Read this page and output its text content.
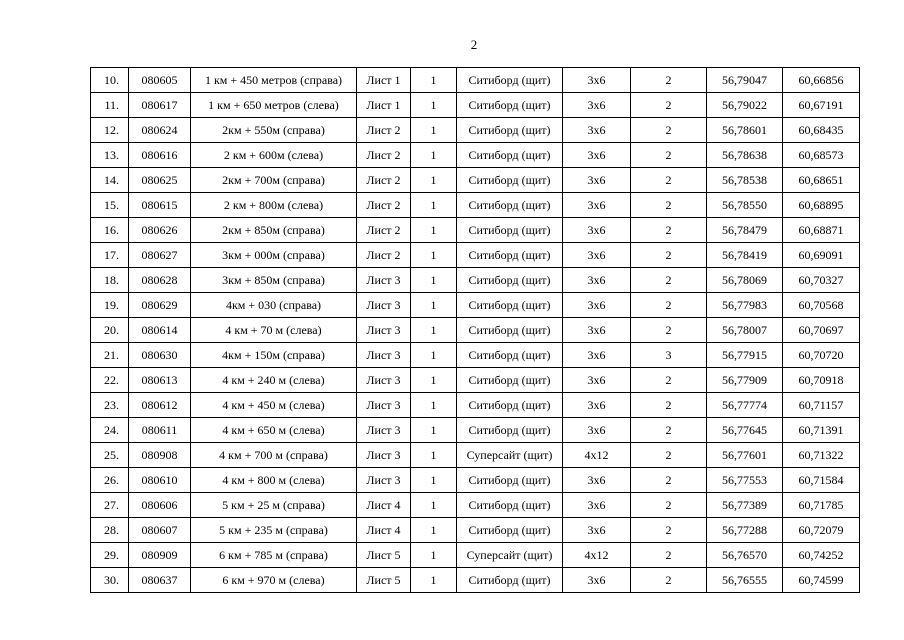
2
10.	080605	1 км + 450 метров (справа)	Лист 1	1	Ситиборд (щит)	3х6	2	56,79047	60,66856
11.	080617	1 км + 650 метров (слева)	Лист 1	1	Ситиборд (щит)	3х6	2	56,79022	60,67191
12.	080624	2км + 550м (справа)	Лист 2	1	Ситиборд (щит)	3х6	2	56,78601	60,68435
13.	080616	2 км + 600м (слева)	Лист 2	1	Ситиборд (щит)	3х6	2	56,78638	60,68573
14.	080625	2км + 700м (справа)	Лист 2	1	Ситиборд (щит)	3х6	2	56,78538	60,68651
15.	080615	2 км + 800м (слева)	Лист 2	1	Ситиборд (щит)	3х6	2	56,78550	60,68895
16.	080626	2км + 850м (справа)	Лист 2	1	Ситиборд (щит)	3х6	2	56,78479	60,68871
17.	080627	3км + 000м (справа)	Лист 2	1	Ситиборд (щит)	3х6	2	56,78419	60,69091
18.	080628	3км + 850м (справа)	Лист 3	1	Ситиборд (щит)	3х6	2	56,78069	60,70327
19.	080629	4км + 030 (справа)	Лист 3	1	Ситиборд (щит)	3х6	2	56,77983	60,70568
20.	080614	4 км + 70 м (слева)	Лист 3	1	Ситиборд (щит)	3х6	2	56,78007	60,70697
21.	080630	4км + 150м (справа)	Лист 3	1	Ситиборд (щит)	3х6	3	56,77915	60,70720
22.	080613	4 км + 240 м (слева)	Лист 3	1	Ситиборд (щит)	3х6	2	56,77909	60,70918
23.	080612	4 км + 450 м (слева)	Лист 3	1	Ситиборд (щит)	3х6	2	56,77774	60,71157
24.	080611	4 км + 650 м (слева)	Лист 3	1	Ситиборд (щит)	3х6	2	56,77645	60,71391
25.	080908	4 км + 700 м (справа)	Лист 3	1	Суперсайт (щит)	4х12	2	56,77601	60,71322
26.	080610	4 км + 800 м (слева)	Лист 3	1	Ситиборд (щит)	3х6	2	56,77553	60,71584
27.	080606	5 км + 25 м (справа)	Лист 4	1	Ситиборд (щит)	3х6	2	56,77389	60,71785
28.	080607	5 км + 235 м (справа)	Лист 4	1	Ситиборд (щит)	3х6	2	56,77288	60,72079
29.	080909	6 км + 785 м (справа)	Лист 5	1	Суперсайт (щит)	4х12	2	56,76570	60,74252
30.	080637	6 км + 970 м (слева)	Лист 5	1	Ситиборд (щит)	3х6	2	56,76555	60,74599
